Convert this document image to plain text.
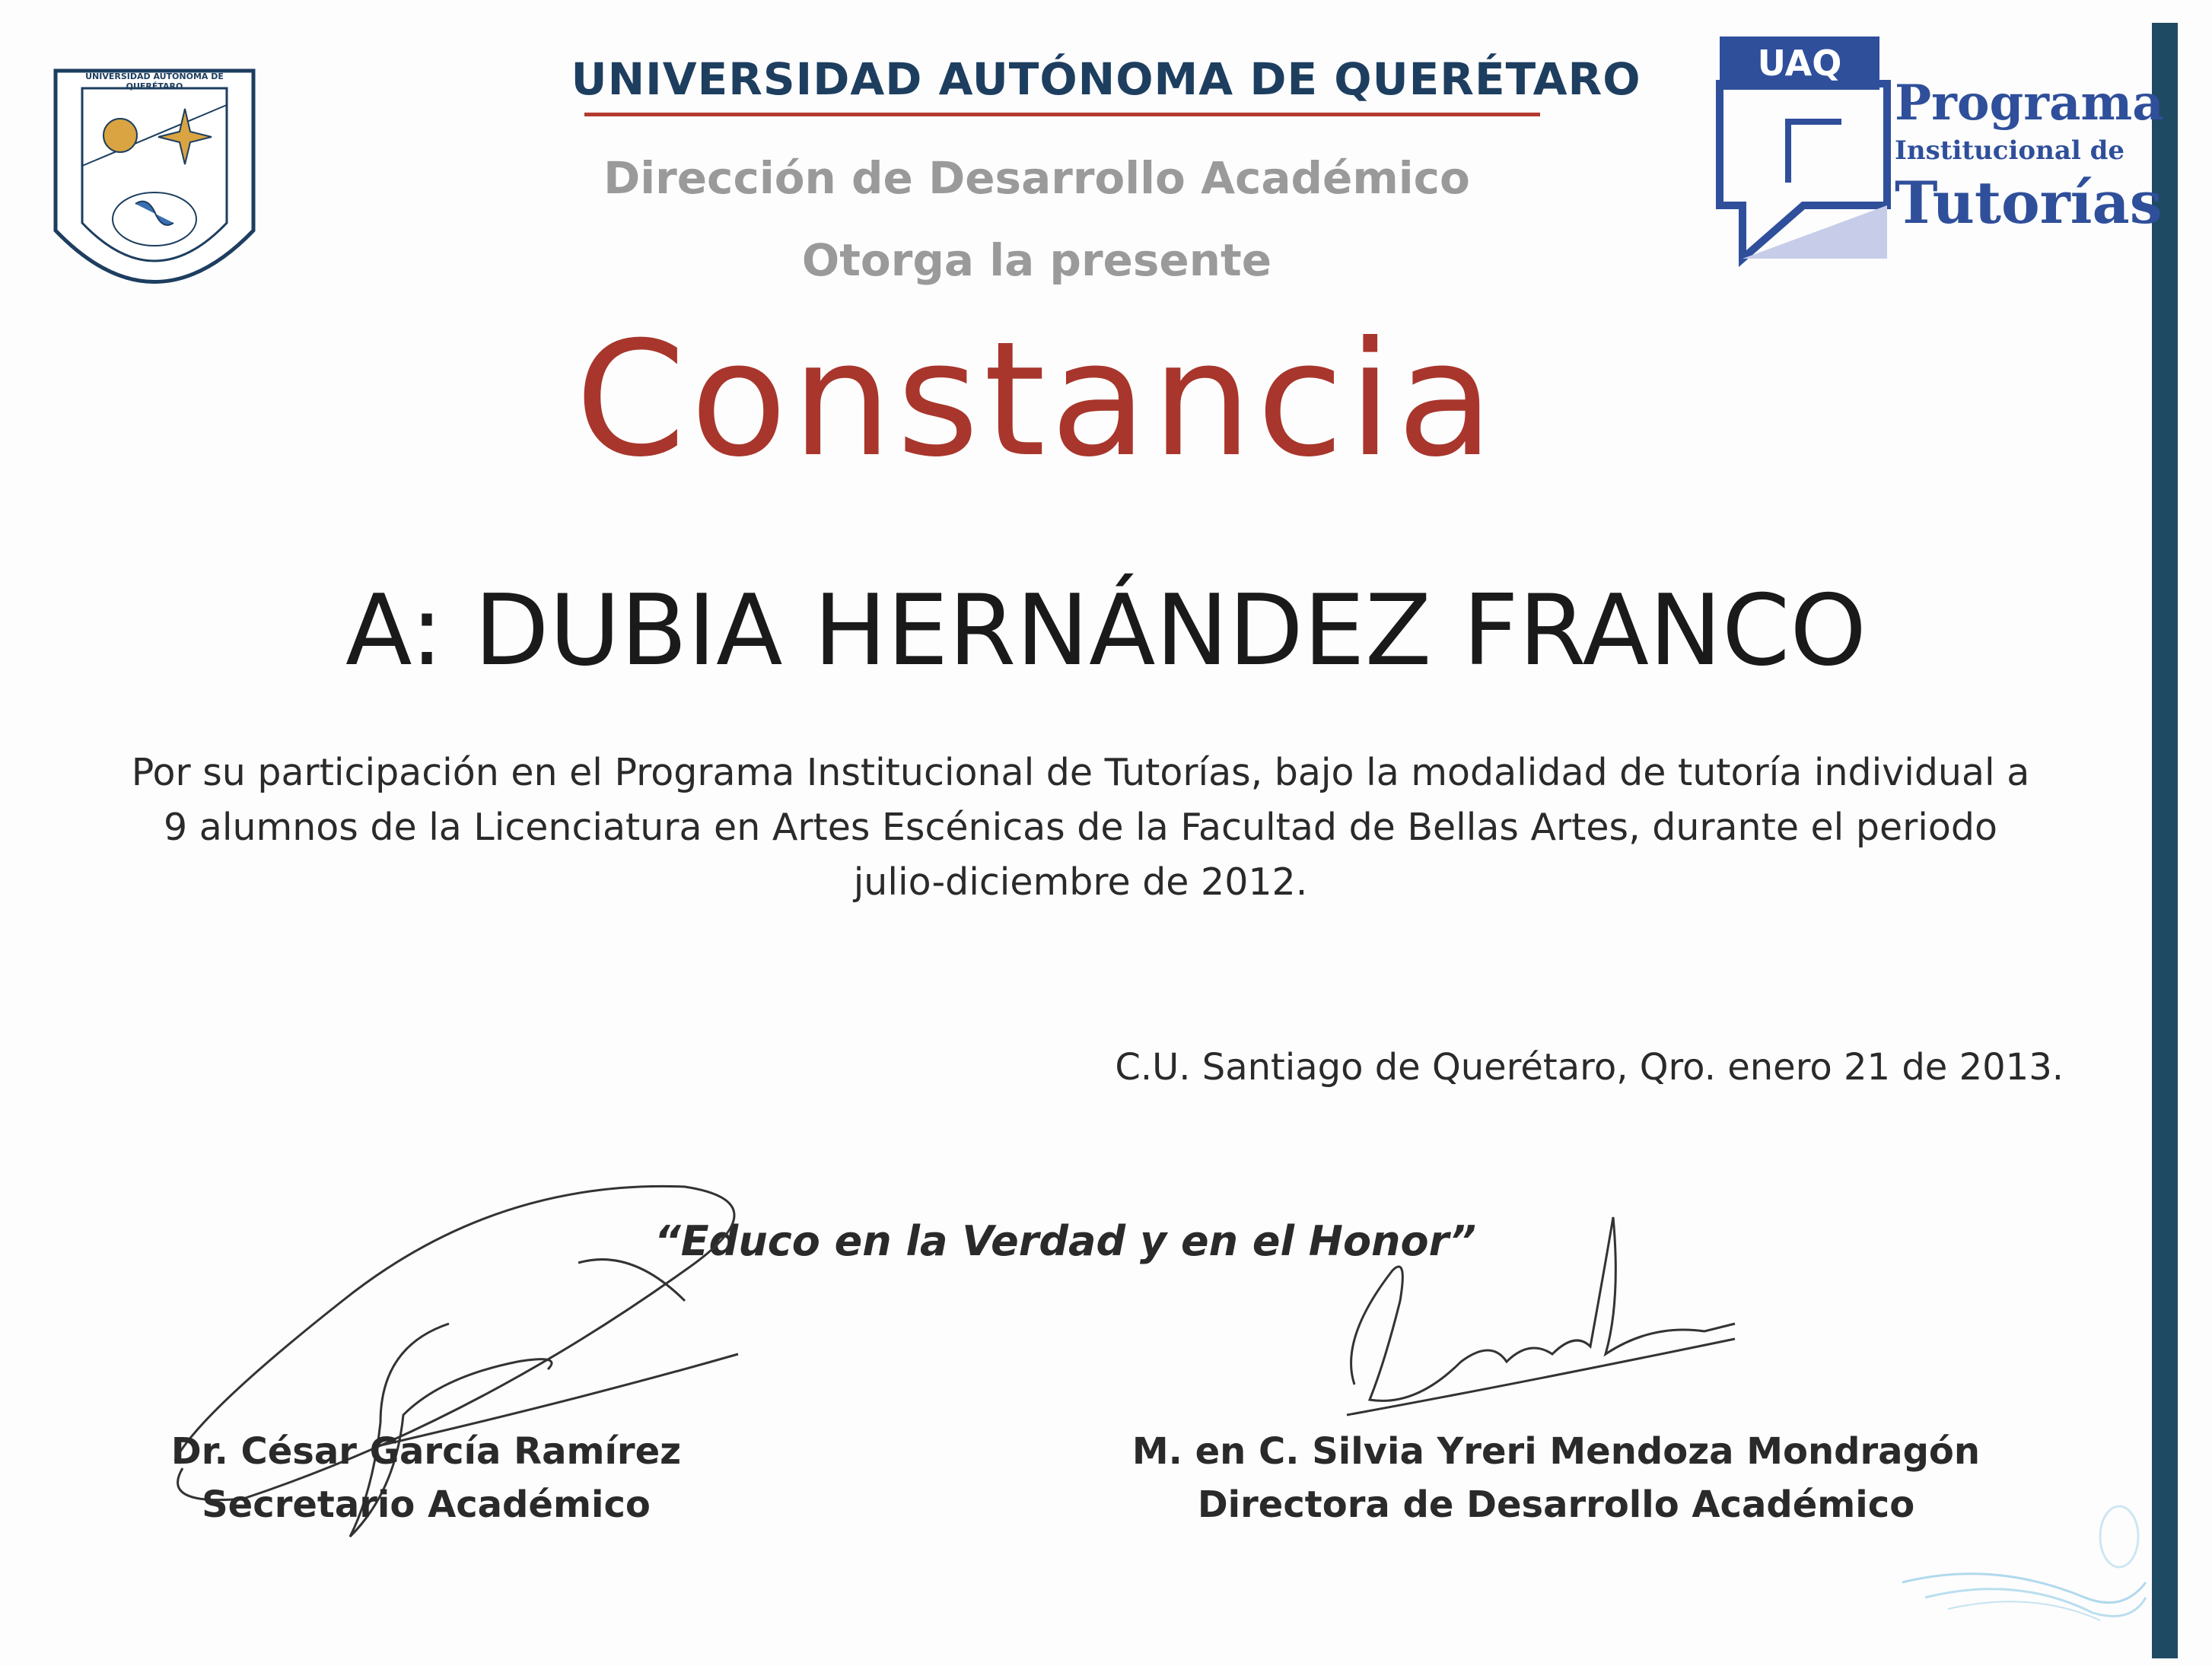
UNIVERSIDAD AUTÓNOMA DE QUERÉTARO
UAQ
Programa
Institucional de
Tutorías
UNIVERSIDAD AUTÓNOMA DE QUERÉTARO
Dirección de Desarrollo Académico
Otorga la presente
Constancia
A: DUBIA HERNÁNDEZ FRANCO
Por su participación en el Programa Institucional de Tutorías, bajo la modalidad de tutoría individual a 9 alumnos de la Licenciatura en Artes Escénicas de la Facultad de Bellas Artes, durante el periodo julio-diciembre de 2012.
C.U. Santiago de Querétaro, Qro. enero 21 de 2013.
“Educo en la Verdad y en el Honor”
Dr. César García Ramírez
Secretario Académico
M. en C. Silvia Yreri Mendoza Mondragón
Directora de Desarrollo Académico
